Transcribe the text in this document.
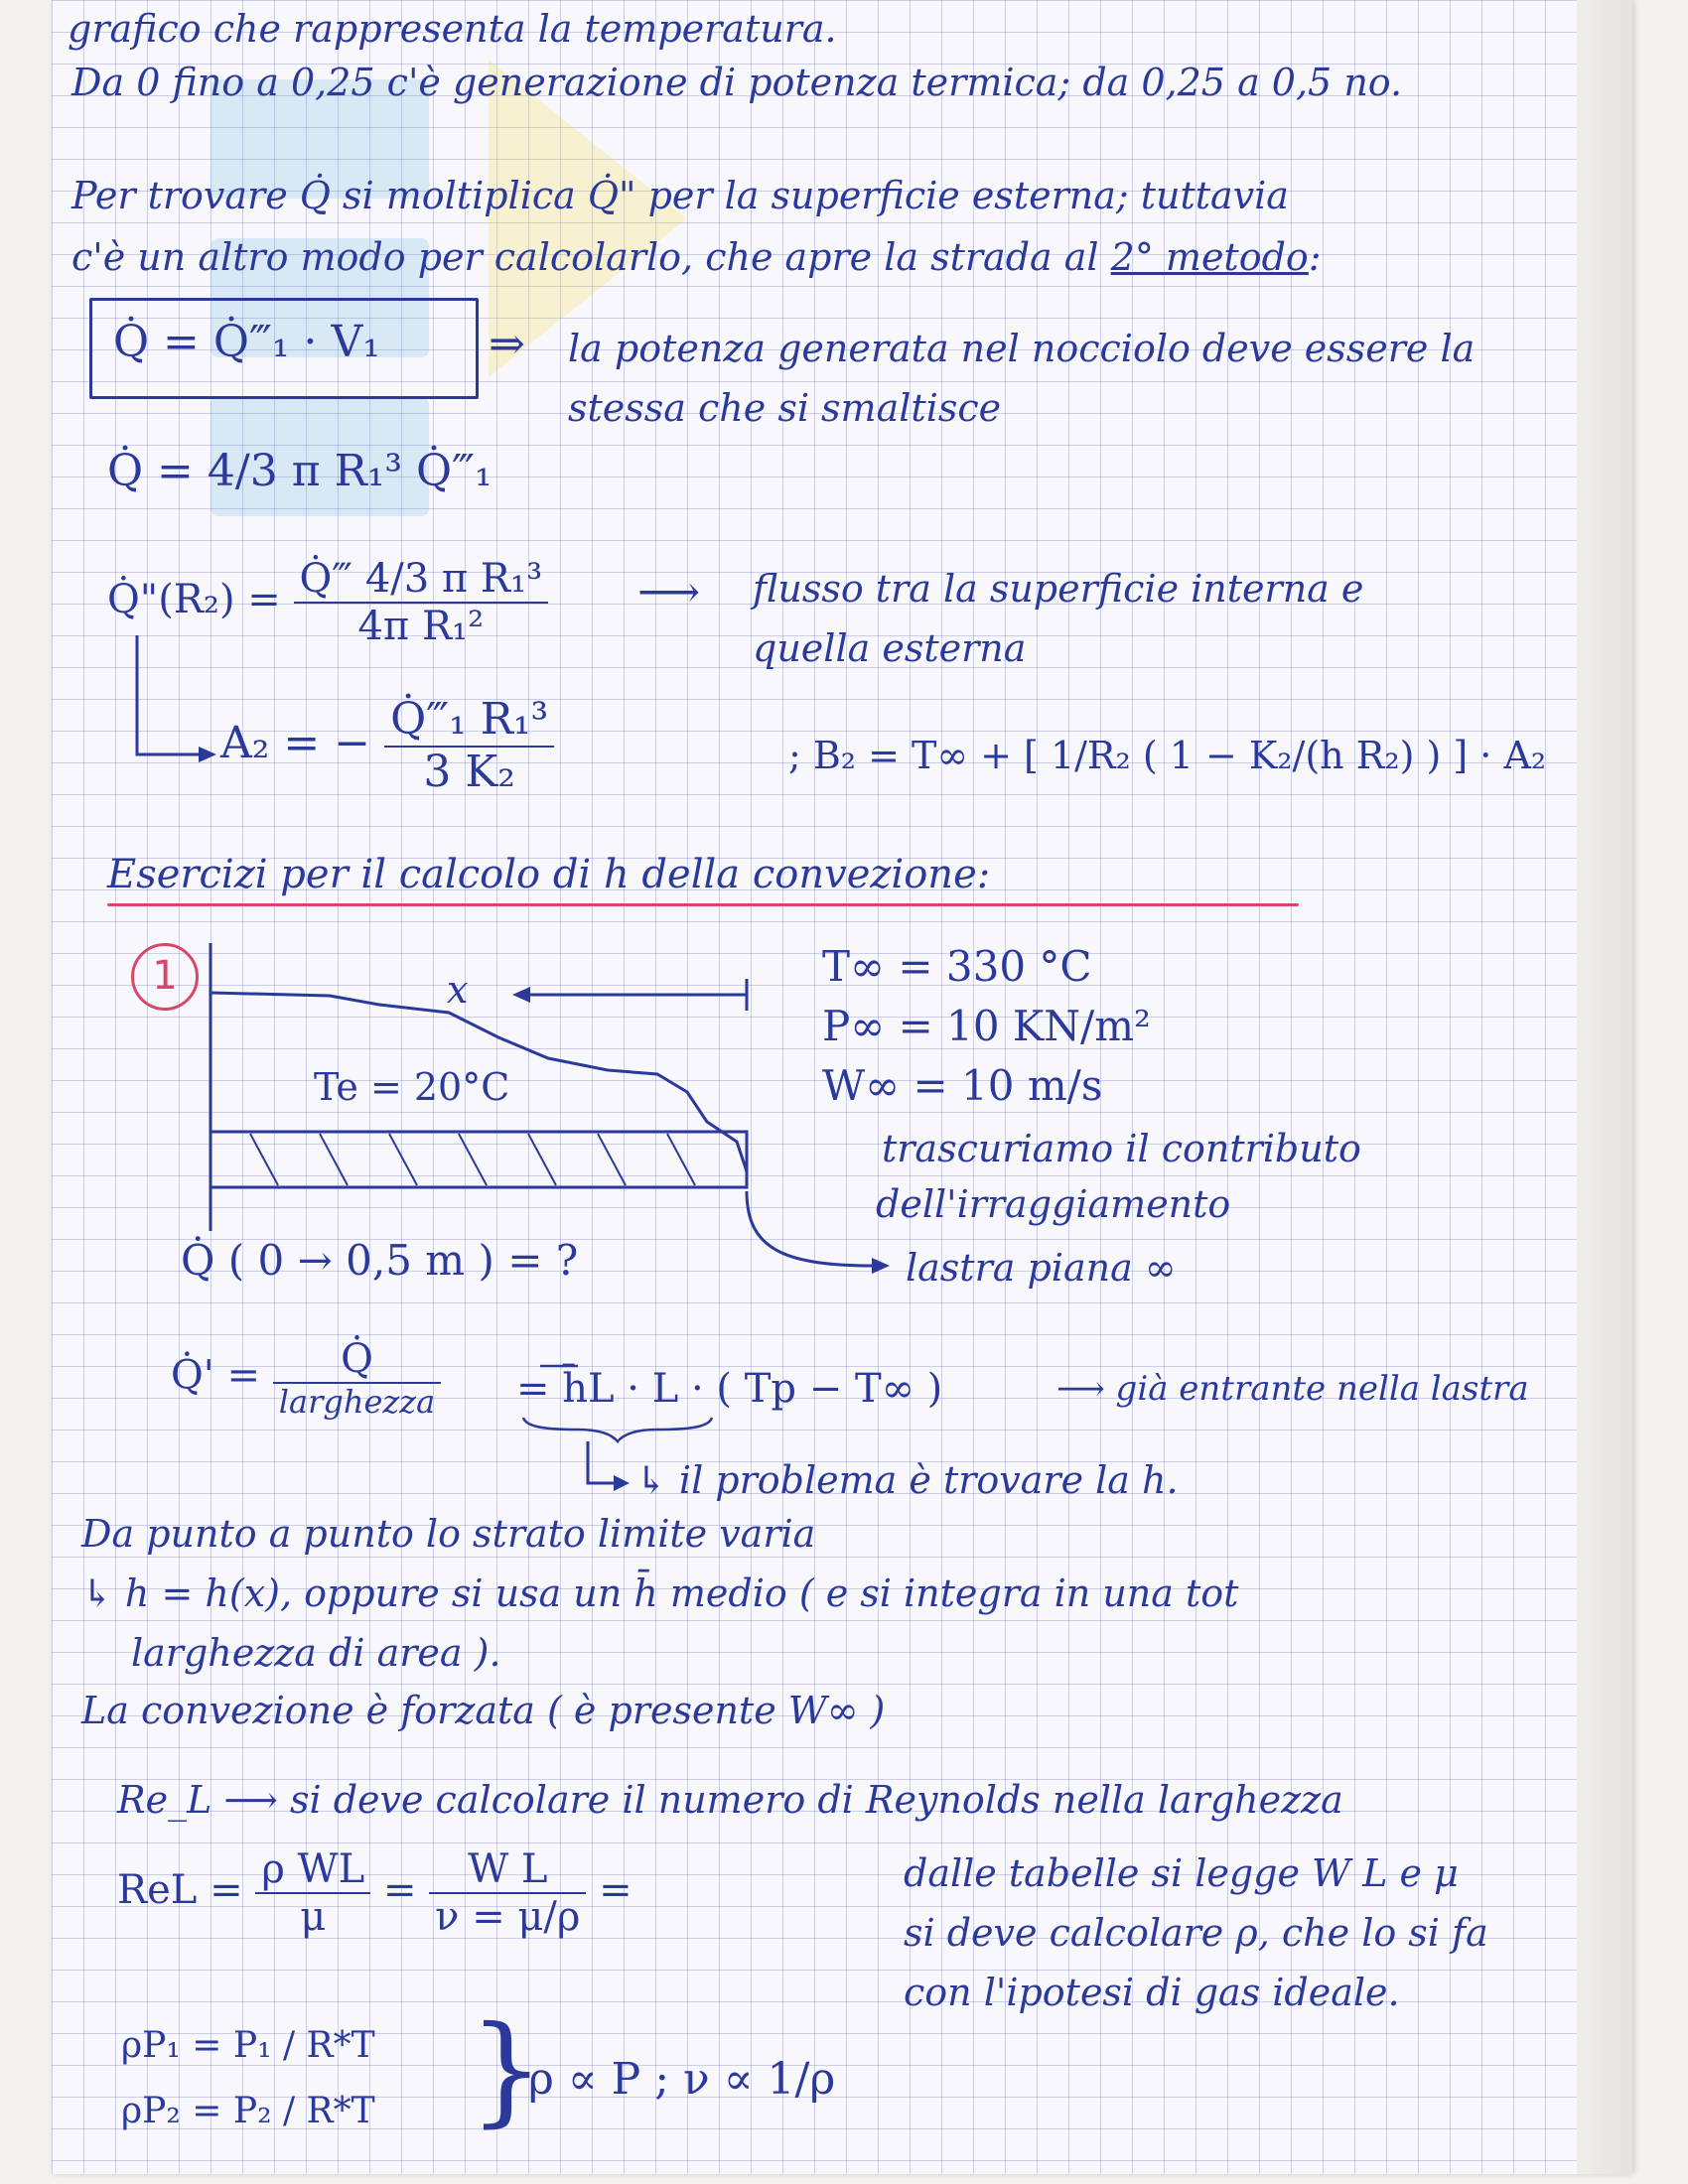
grafico che rappresenta la temperatura.
Da 0 fino a 0,25 c'è generazione di potenza termica; da 0,25 a 0,5 no.
Per trovare Q̇ si moltiplica Q̇" per la superficie esterna; tuttavia
c'è un altro modo per calcolarlo, che apre la strada al 2° metodo:
Q̇ = Q̇‴₁ · V₁ ⇒ la potenza generata nel nocciolo deve essere la
stessa che si smaltisce
Q̇ = 4/3 π R₁³ Q̇‴₁
Q̇"(R₂) = $\frac{\text{Q̇‴ 4/3 π R₁³}}{\text{4π R₁²}}$ ⟶ flusso tra la superficie interna e
quella esterna
A₂ = − $\frac{\text{Q̇‴₁ R₁³}}{\text{3 K₂}}$	; B₂ = T∞ + [ 1/R₂ ( 1 − K₂/(h R₂) ) ] · A₂
Esercizi per il calcolo di h della convezione:
1	x
Te = 20°C
Q̇ ( 0 → 0,5 m ) = ?	lastra piana ∞
T∞ = 330 °C
P∞ = 10 KN/m²
W∞ = 10 m/s
trascuriamo il contributo
dell'irraggiamento
Q̇' = $\frac{Q̇}{\text{larghezza}}$ = h̄L · L · ( Tp − T∞ )	⟶ già entrante nella lastra
↳ il problema è trovare la h.
Da punto a punto lo strato limite varia
↳ h = h(x), oppure si usa un h̄ medio ( e si integra in una tot
larghezza di area ).
La convezione è forzata ( è presente W∞ )
Re_L ⟶ si deve calcolare il numero di Reynolds nella larghezza
ReL = $\frac{\text{ρ WL}}{\mu} = \frac{\text{W L}}{\nu = \mu/\rho}$ =	dalle tabelle si legge W L e μ
si deve calcolare ρ, che lo si fa
con l'ipotesi di gas ideale.
ρP₁ = P₁ / R*T
ρP₂ = P₂ / R*T }
ρ ∝ P ; ν ∝ 1/ρ
